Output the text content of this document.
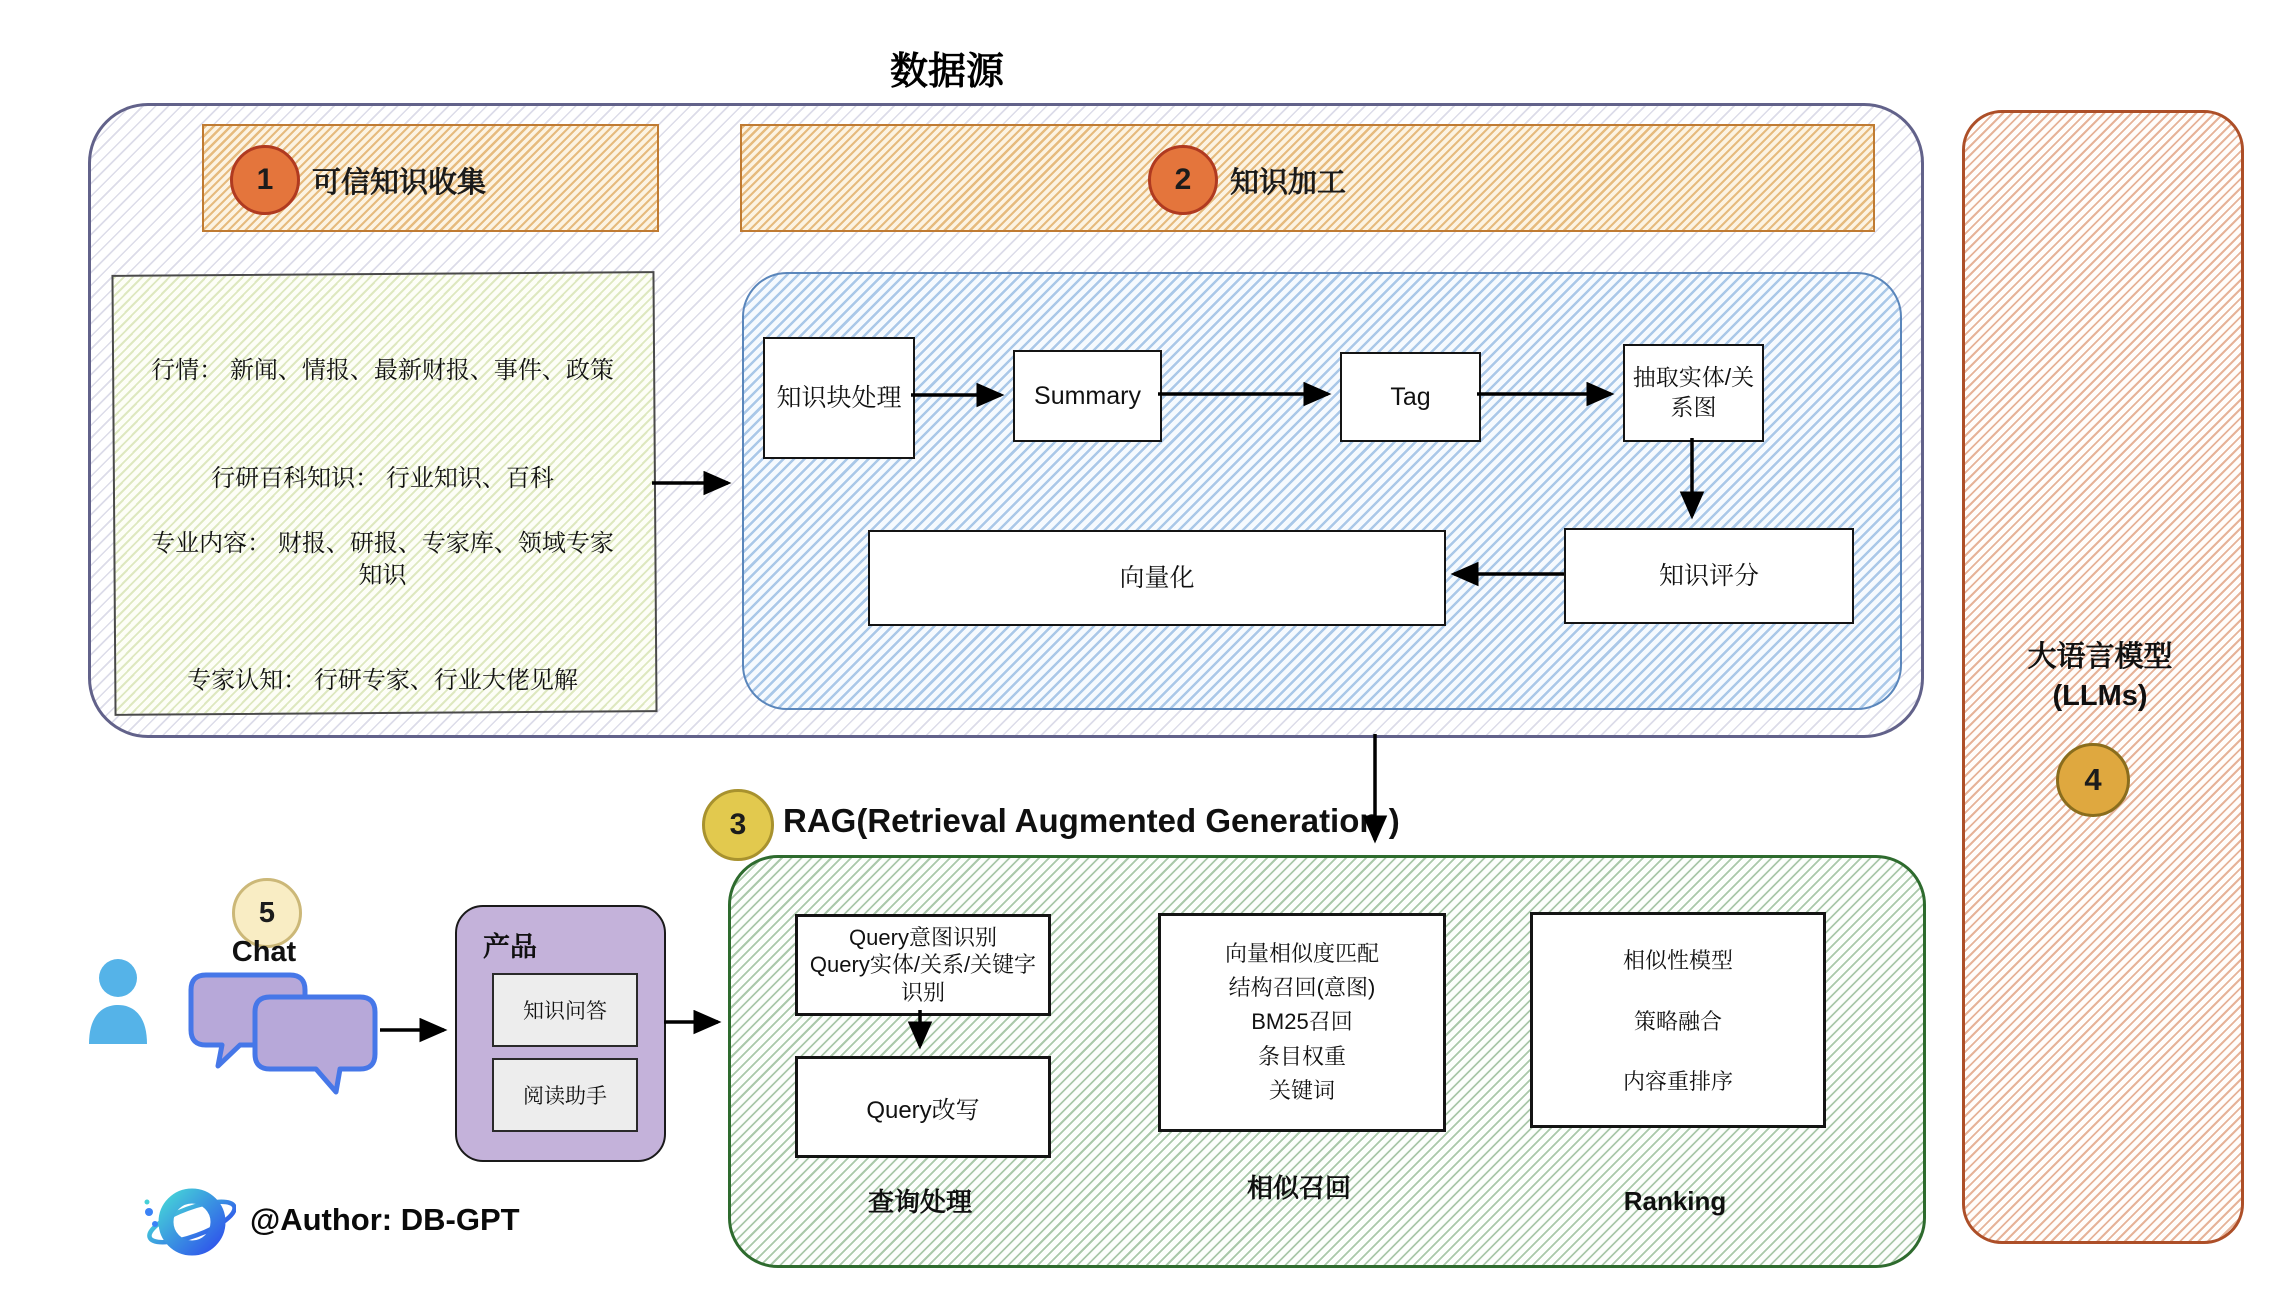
数据源
1	可信知识收集	2	知识加工
行情： 新闻、情报、最新财报、事件、政策
行研百科知识： 行业知识、百科
专业内容： 财报、研报、专家库、领域专家知识
专家认知： 行研专家、行业大佬见解
知识块处理	Summary	Tag
抽取实体/关系图
向量化	知识评分
3	RAG(Retrieval Augmented Generation )
Query意图识别
Query实体/关系/关键字
识别
Query改写
查询处理
向量相似度匹配
结构召回(意图)
BM25召回
条目权重
关键词
相似召回
相似性模型
策略融合
内容重排序
Ranking
大语言模型
(LLMs)
4
5
Chat	产品
知识问答
阅读助手
@Author: DB-GPT
